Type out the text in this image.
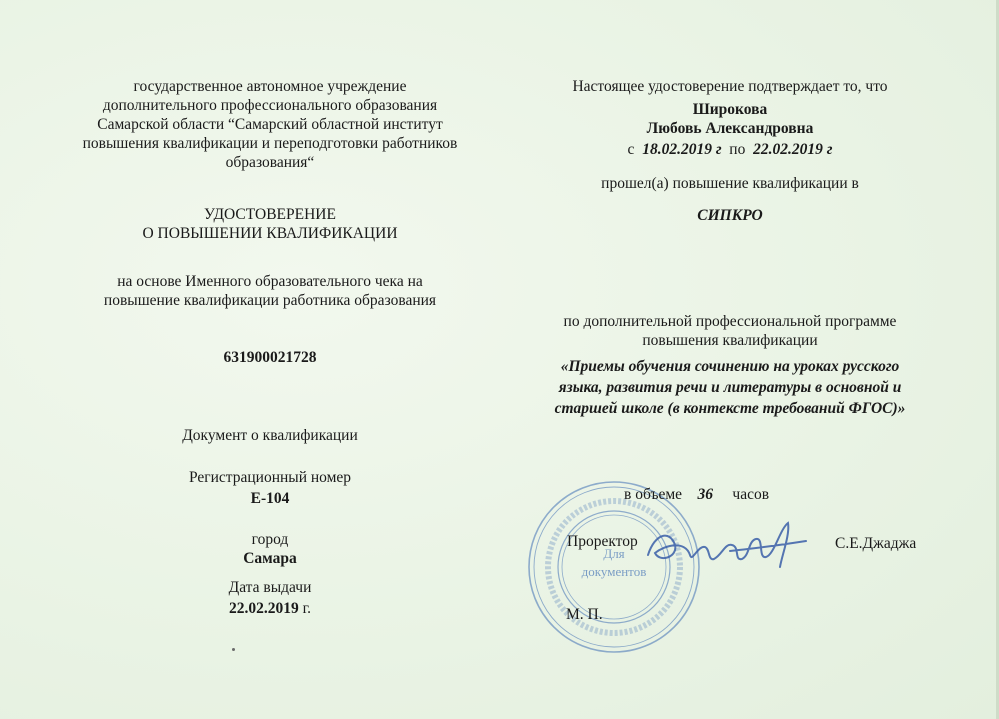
государственное автономное учреждение
дополнительного профессионального образования
Самарской области “Самарский областной институт
повышения квалификации и переподготовки работников
образования“
УДОСТОВЕРЕНИЕ
О ПОВЫШЕНИИ КВАЛИФИКАЦИИ
на основе Именного образовательного чека на
повышение квалификации работника образования
631900021728
Документ о квалификации
Регистрационный номер
Е-104
город
Самара
Дата выдачи
22.02.2019 г.
Настоящее удостоверение подтверждает то, что
Широкова
Любовь Александровна
с 18.02.2019 г по 22.02.2019 г
прошел(а) повышение квалификации в
СИПКРО
по дополнительной профессиональной программе
повышения квалификации
«Приемы обучения сочинению на уроках русского
языка, развития речи и литературы в основной и
старшей школе (в контексте требований ФГОС)»
Для
документов
в объеме 36 часов
Проректор	С.Е.Джаджа
М. П.
